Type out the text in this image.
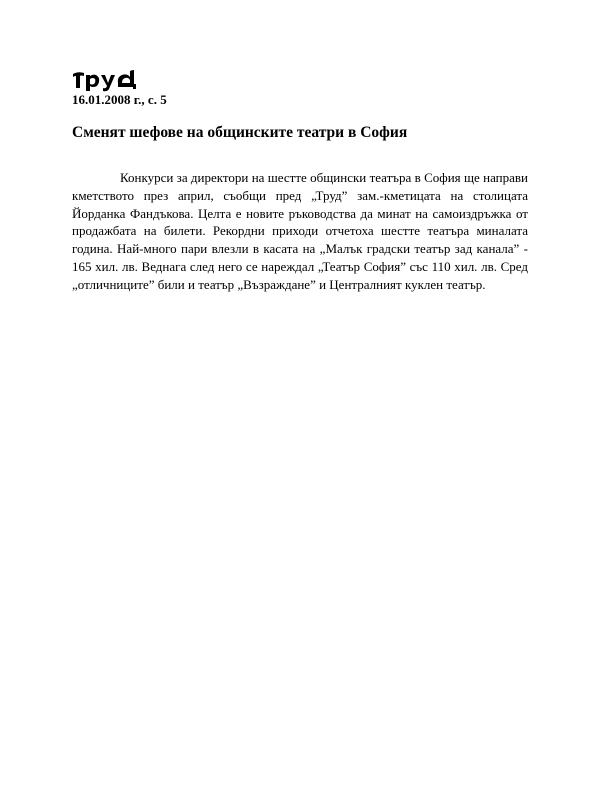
16.01.2008 г., с. 5
Сменят шефове на общинските театри в София

Конкурси за директори на шестте общински театъра в София ще направи кметството през април, съобщи пред „Труд” зам.-кметицата на столицата Йорданка Фандъкова. Целта е новите ръководства да минат на самоиздръжка от продажбата на билети. Рекордни приходи отчетоха шестте театъра миналата година. Най-много пари влезли в касата на „Малък градски театър зад канала” - 165 хил. лв. Веднага след него се нареждал „Театър София” със 110 хил. лв. Сред „отличниците” били и театър „Възраждане” и Централният куклен театър.
